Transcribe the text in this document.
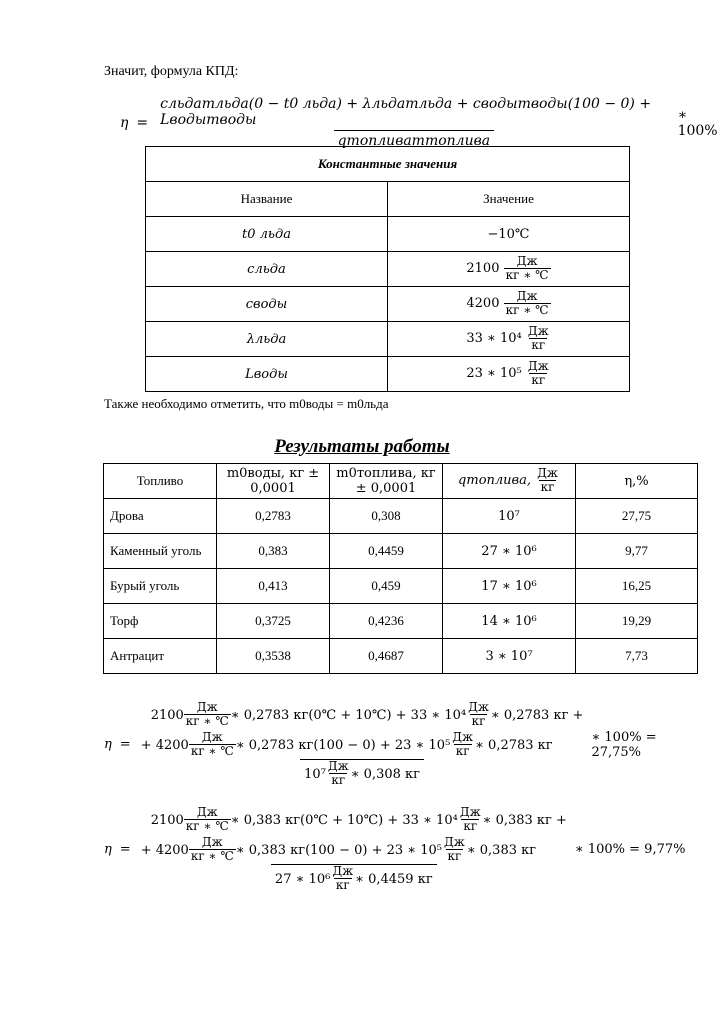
Значит, формула КПД:
η =
cльдаmльда(0 − t0 льда) + λльдаmльда + cводыmводы(100 − 0) + Lводыmводы
qтопливаmтоплива
∗ 100%
Константные значения	
Название	Значение
t0 льда	−10℃
cльда	$2100 \frac{Дж}{кг ∗ ℃}$

cводы	$4200 \frac{Дж}{кг ∗ ℃}$

λльда	33 ∗ $10^4 \frac{Дж}{кг}$

Lводы	23 ∗ $10^5 \frac{Дж}{кг}$
Также необходимо отметить, что m0воды = m0льда
Результаты работы
Топливо	m0воды, кг ± 0,0001	m0топлива, кг ± 0,0001	qтоплива, $\frac{Дж}{кг}$	η,%
Дрова	0,2783	0,308	10⁷	27,75
Каменный уголь	0,383	0,4459	27 ∗ 10⁶	9,77
Бурый уголь	0,413	0,459	17 ∗ 10⁶	16,25
Торф	0,3725	0,4236	14 ∗ 10⁶	19,29
Антрацит	0,3538	0,4687	3 ∗ 10⁷	7,73
η =
$2100 \frac{Дж}{кг ∗ ℃}$ ∗ 0,2783 кг(0℃ + 10℃) + 33 ∗ $10^4 \frac{Дж}{кг}$ ∗ 0,2783 кг +
+ $4200 \frac{Дж}{кг ∗ ℃}$ ∗ 0,2783 кг(100 − 0) + 23 ∗ $10^5 \frac{Дж}{кг}$ ∗ 0,2783 кг
$10^7 \frac{Дж}{кг}$ ∗ 0,308 кг
∗ 100% = 27,75%
η =
$2100 \frac{Дж}{кг ∗ ℃}$ ∗ 0,383 кг(0℃ + 10℃) + 33 ∗ $10^4 \frac{Дж}{кг}$ ∗ 0,383 кг +
+ $4200 \frac{Дж}{кг ∗ ℃}$ ∗ 0,383 кг(100 − 0) + 23 ∗ $10^5 \frac{Дж}{кг}$ ∗ 0,383 кг
27 ∗ $10^6 \frac{Дж}{кг}$ ∗ 0,4459 кг
∗ 100% = 9,77%
